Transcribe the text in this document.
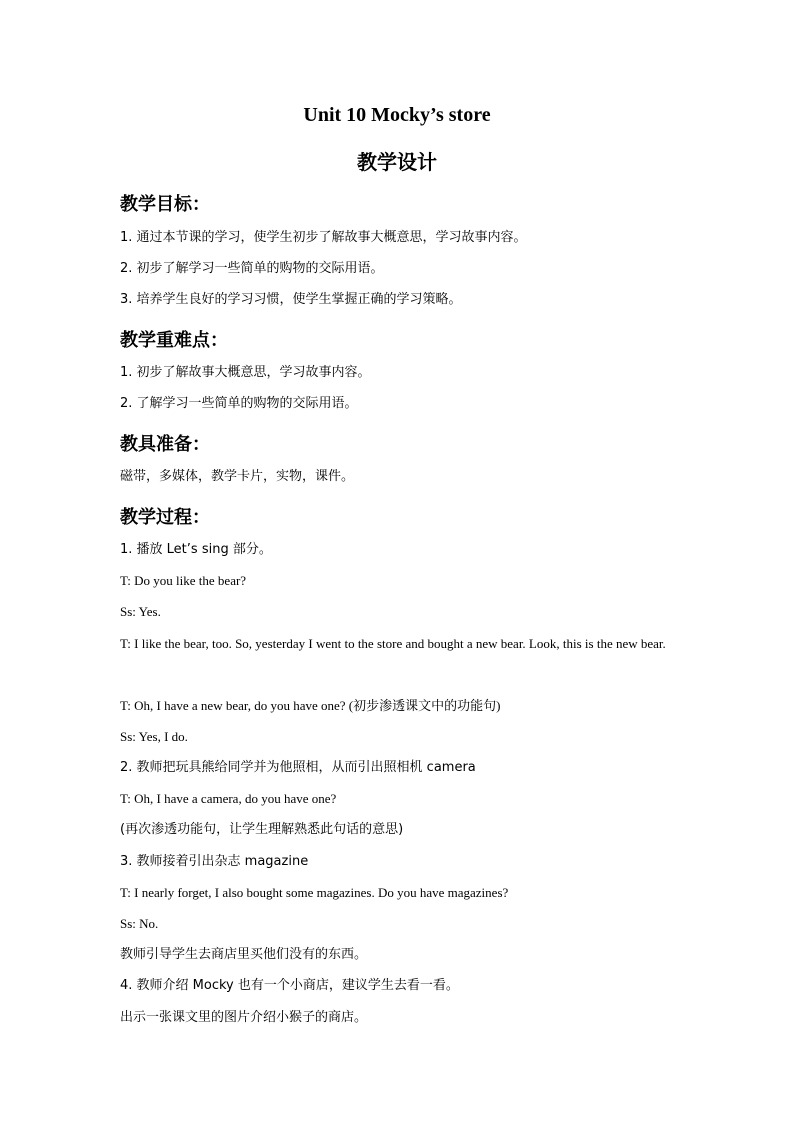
Unit 10 Mocky’s store
教学设计
教学目标：

1. 通过本节课的学习，使学生初步了解故事大概意思，学习故事内容。

2. 初步了解学习一些简单的购物的交际用语。

3. 培养学生良好的学习习惯，使学生掌握正确的学习策略。

教学重难点：

1. 初步了解故事大概意思，学习故事内容。

2. 了解学习一些简单的购物的交际用语。

教具准备：

磁带，多媒体，教学卡片，实物，课件。

教学过程：

1. 播放 Let’s sing 部分。

T: Do you like the bear?

Ss: Yes.

T: I like the bear, too. So, yesterday I went to the store and bought a new bear. Look, this is the new bear.

T: Oh, I have a new bear, do you have one? (初步渗透课文中的功能句)

Ss: Yes, I do.

2. 教师把玩具熊给同学并为他照相，从而引出照相机 camera

T: Oh, I have a camera, do you have one?

(再次渗透功能句，让学生理解熟悉此句话的意思)

3. 教师接着引出杂志 magazine

T: I nearly forget, I also bought some magazines. Do you have magazines?

Ss: No.

教师引导学生去商店里买他们没有的东西。

4. 教师介绍 Mocky 也有一个小商店，建议学生去看一看。

出示一张课文里的图片介绍小猴子的商店。
